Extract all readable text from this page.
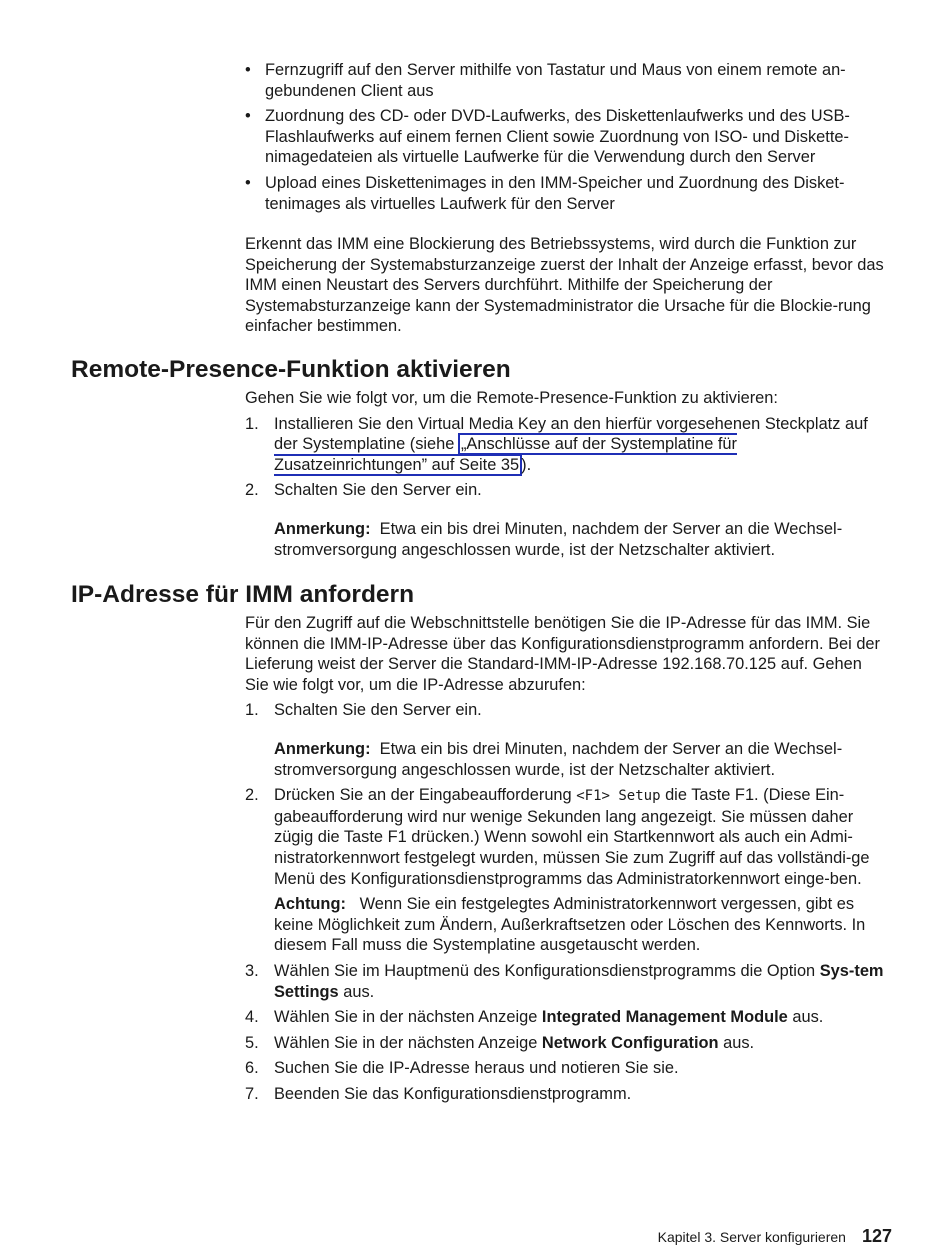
• Fernzugriff auf den Server mithilfe von Tastatur und Maus von einem remote an-gebundenen Client aus
• Zuordnung des CD- oder DVD-Laufwerks, des Diskettenlaufwerks und des USB-Flashlaufwerks auf einem fernen Client sowie Zuordnung von ISO- und Diskette-nimagedateien als virtuelle Laufwerke für die Verwendung durch den Server
• Upload eines Diskettenimages in den IMM-Speicher und Zuordnung des Disket-tenimages als virtuelles Laufwerk für den Server

Erkennt das IMM eine Blockierung des Betriebssystems, wird durch die Funktion zur Speicherung der Systemabsturzanzeige zuerst der Inhalt der Anzeige erfasst, bevor das IMM einen Neustart des Servers durchführt. Mithilfe der Speicherung der Systemabsturzanzeige kann der Systemadministrator die Ursache für die Blockie-rung einfacher bestimmen.

Remote-Presence-Funktion aktivieren

Gehen Sie wie folgt vor, um die Remote-Presence-Funktion zu aktivieren:

1. Installieren Sie den Virtual Media Key an den hierfür vorgesehenen Steckplatz auf der Systemplatine (siehe „Anschlüsse auf der Systemplatine für Zusatzeinrichtungen” auf Seite 35 ).
2. Schalten Sie den Server ein.
Anmerkung: Etwa ein bis drei Minuten, nachdem der Server an die Wechsel-stromversorgung angeschlossen wurde, ist der Netzschalter aktiviert.
IP-Adresse für IMM anfordern

Für den Zugriff auf die Webschnittstelle benötigen Sie die IP-Adresse für das IMM. Sie können die IMM-IP-Adresse über das Konfigurationsdienstprogramm anfordern. Bei der Lieferung weist der Server die Standard-IMM-IP-Adresse 192.168.70.125 auf. Gehen Sie wie folgt vor, um die IP-Adresse abzurufen:

1. Schalten Sie den Server ein.
Anmerkung: Etwa ein bis drei Minuten, nachdem der Server an die Wechsel-stromversorgung angeschlossen wurde, ist der Netzschalter aktiviert.
2. Drücken Sie an der Eingabeaufforderung <F1> Setup die Taste F1. (Diese Ein-gabeaufforderung wird nur wenige Sekunden lang angezeigt. Sie müssen daher zügig die Taste F1 drücken.) Wenn sowohl ein Startkennwort als auch ein Admi-nistratorkennwort festgelegt wurden, müssen Sie zum Zugriff auf das vollständi-ge Menü des Konfigurationsdienstprogramms das Administratorkennwort einge-ben.
Achtung: Wenn Sie ein festgelegtes Administratorkennwort vergessen, gibt es keine Möglichkeit zum Ändern, Außerkraftsetzen oder Löschen des Kennworts. In diesem Fall muss die Systemplatine ausgetauscht werden.
3. Wählen Sie im Hauptmenü des Konfigurationsdienstprogramms die Option Sys-tem Settings aus.
4. Wählen Sie in der nächsten Anzeige Integrated Management Module aus.
5. Wählen Sie in der nächsten Anzeige Network Configuration aus.
6. Suchen Sie die IP-Adresse heraus und notieren Sie sie.
7. Beenden Sie das Konfigurationsdienstprogramm.
Kapitel 3. Server konfigurieren 127
